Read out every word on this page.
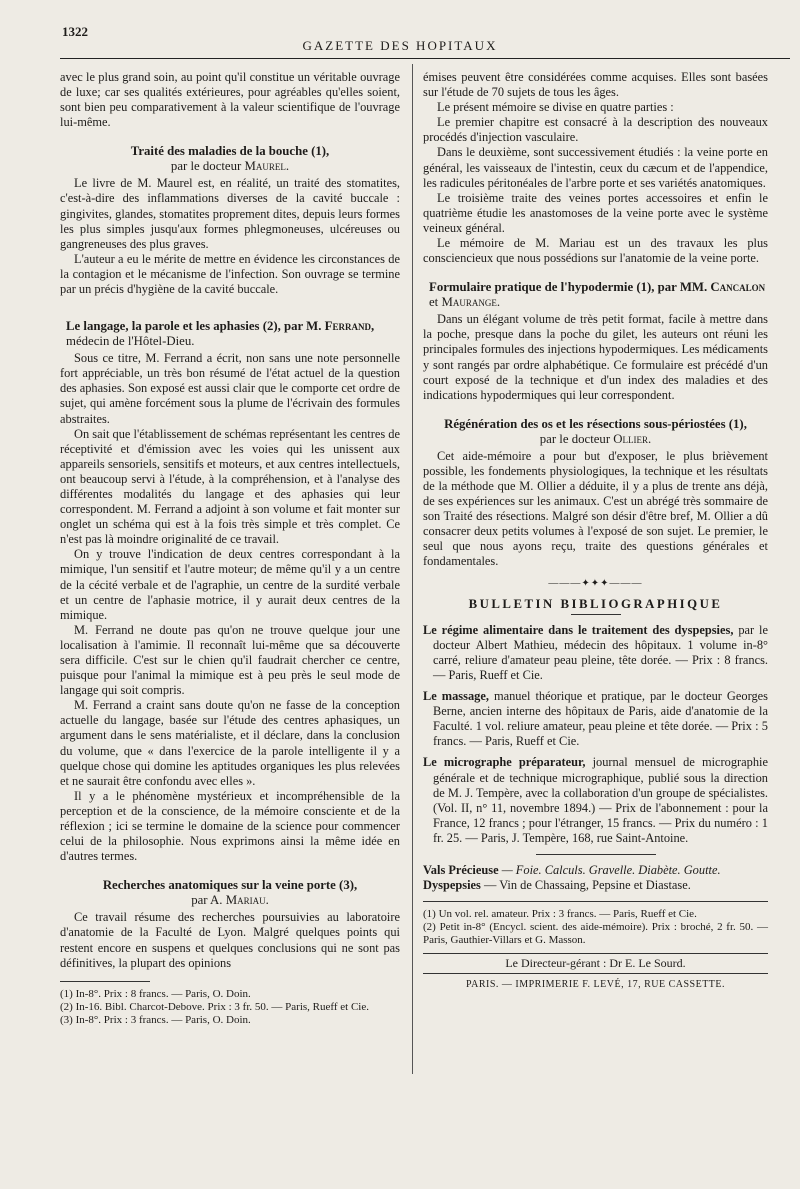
1322
GAZETTE DES HOPITAUX

avec le plus grand soin, au point qu'il constitue un véritable ouvrage de luxe; car ses qualités extérieures, pour agréables qu'elles soient, sont bien peu comparativement à la valeur scientifique de l'ouvrage lui-même.

Traité des maladies de la bouche (1),
par le docteur Maurel.

Le livre de M. Maurel est, en réalité, un traité des stomatites, c'est-à-dire des inflammations diverses de la cavité buccale : gingivites, glandes, stomatites proprement dites, depuis leurs formes les plus simples jusqu'aux formes phlegmoneuses, ulcéreuses ou gangreneuses des plus graves.

L'auteur a eu le mérite de mettre en évidence les circonstances de la contagion et le mécanisme de l'infection. Son ouvrage se termine par un précis d'hygiène de la cavité buccale.

Le langage, la parole et les aphasies (2), par M. Ferrand,
médecin de l'Hôtel-Dieu.

Sous ce titre, M. Ferrand a écrit, non sans une note personnelle fort appréciable, un très bon résumé de l'état actuel de la question des aphasies. Son exposé est aussi clair que le comporte cet ordre de sujet, qui amène forcément sous la plume de l'écrivain des formules abstraites.

On sait que l'établissement de schémas représentant les centres de réceptivité et d'émission avec les voies qui les unissent aux appareils sensoriels, sensitifs et moteurs, et aux centres intellectuels, ont beaucoup servi à l'étude, à la compréhension, et à l'analyse des différentes modalités du langage et des aphasies qui leur correspondent. M. Ferrand a adjoint à son volume et fait monter sur onglet un schéma qui est à la fois très simple et très complet. Ce n'est pas là moindre originalité de ce travail.

On y trouve l'indication de deux centres correspondant à la mimique, l'un sensitif et l'autre moteur; de même qu'il y a un centre de la cécité verbale et de l'agraphie, un centre de la surdité verbale et un centre de l'aphasie motrice, il y aurait deux centres de la mimique.

M. Ferrand ne doute pas qu'on ne trouve quelque jour une localisation à l'amimie. Il reconnaît lui-même que sa découverte sera difficile. C'est sur le chien qu'il faudrait chercher ce centre, puisque pour l'animal la mimique est à peu près le seul mode de langage qui soit compris.

M. Ferrand a craint sans doute qu'on ne fasse de la conception actuelle du langage, basée sur l'étude des centres aphasiques, un argument dans le sens matérialiste, et il déclare, dans la conclusion du volume, que « dans l'exercice de la parole intelligente il y a quelque chose qui domine les aptitudes organiques les plus relevées et ne saurait être confondu avec elles ».

Il y a le phénomène mystérieux et incompréhensible de la perception et de la conscience, de la mémoire consciente et de la réflexion ; ici se termine le domaine de la science pour commencer celui de la philosophie. Nous exprimons ainsi la même idée en d'autres termes.

Recherches anatomiques sur la veine porte (3),
par A. Mariau.

Ce travail résume des recherches poursuivies au laboratoire d'anatomie de la Faculté de Lyon. Malgré quelques points qui restent encore en suspens et quelques conclusions qui ne sont pas définitives, la plupart des opinions

(1) In-8°. Prix : 8 francs. — Paris, O. Doin.

(2) In-16. Bibl. Charcot-Debove. Prix : 3 fr. 50. — Paris, Rueff et Cie.

(3) In-8°. Prix : 3 francs. — Paris, O. Doin.

émises peuvent être considérées comme acquises. Elles sont basées sur l'étude de 70 sujets de tous les âges.

Le présent mémoire se divise en quatre parties :

Le premier chapitre est consacré à la description des nouveaux procédés d'injection vasculaire.

Dans le deuxième, sont successivement étudiés : la veine porte en général, les vaisseaux de l'intestin, ceux du cæcum et de l'appendice, les radicules péritonéales de l'arbre porte et ses variétés anatomiques.

Le troisième traite des veines portes accessoires et enfin le quatrième étudie les anastomoses de la veine porte avec le système veineux général.

Le mémoire de M. Mariau est un des travaux les plus consciencieux que nous possédions sur l'anatomie de la veine porte.

Formulaire pratique de l'hypodermie (1), par MM. Cancalon
et Maurange.

Dans un élégant volume de très petit format, facile à mettre dans la poche, presque dans la poche du gilet, les auteurs ont réuni les principales formules des injections hypodermiques. Les médicaments y sont rangés par ordre alphabétique. Ce formulaire est précédé d'un court exposé de la technique et d'un index des maladies et des indications hypodermiques qui leur correspondent.

Régénération des os et les résections sous-périostées (1),
par le docteur Ollier.

Cet aide-mémoire a pour but d'exposer, le plus brièvement possible, les fondements physiologiques, la technique et les résultats de la méthode que M. Ollier a déduite, il y a plus de trente ans déjà, de ses expériences sur les animaux. C'est un abrégé très sommaire de son Traité des résections. Malgré son désir d'être bref, M. Ollier a dû consacrer deux petits volumes à l'exposé de son sujet. Le premier, le seul que nous ayons reçu, traite des questions générales et fondamentales.

———✦✦✦———
BULLETIN BIBLIOGRAPHIQUE

Le régime alimentaire dans le traitement des dyspepsies, par le docteur Albert Mathieu, médecin des hôpitaux. 1 volume in-8° carré, reliure d'amateur peau pleine, tête dorée. — Prix : 8 francs. — Paris, Rueff et Cie.

Le massage, manuel théorique et pratique, par le docteur Georges Berne, ancien interne des hôpitaux de Paris, aide d'anatomie de la Faculté. 1 vol. reliure amateur, peau pleine et tête dorée. — Prix : 5 francs. — Paris, Rueff et Cie.

Le micrographe préparateur, journal mensuel de micrographie générale et de technique micrographique, publié sous la direction de M. J. Tempère, avec la collaboration d'un groupe de spécialistes. (Vol. II, n° 11, novembre 1894.) — Prix de l'abonnement : pour la France, 12 francs ; pour l'étranger, 15 francs. — Prix du numéro : 1 fr. 25. — Paris, J. Tempère, 168, rue Saint-Antoine.

Vals Précieuse — Foie. Calculs. Gravelle. Diabète. Goutte.

Dyspepsies — Vin de Chassaing, Pepsine et Diastase.

(1) Un vol. rel. amateur. Prix : 3 francs. — Paris, Rueff et Cie.

(2) Petit in-8° (Encycl. scient. des aide-mémoire). Prix : broché, 2 fr. 50. — Paris, Gauthier-Villars et G. Masson.

Le Directeur-gérant : Dr E. Le Sourd.
PARIS. — IMPRIMERIE F. LEVÉ, 17, RUE CASSETTE.
